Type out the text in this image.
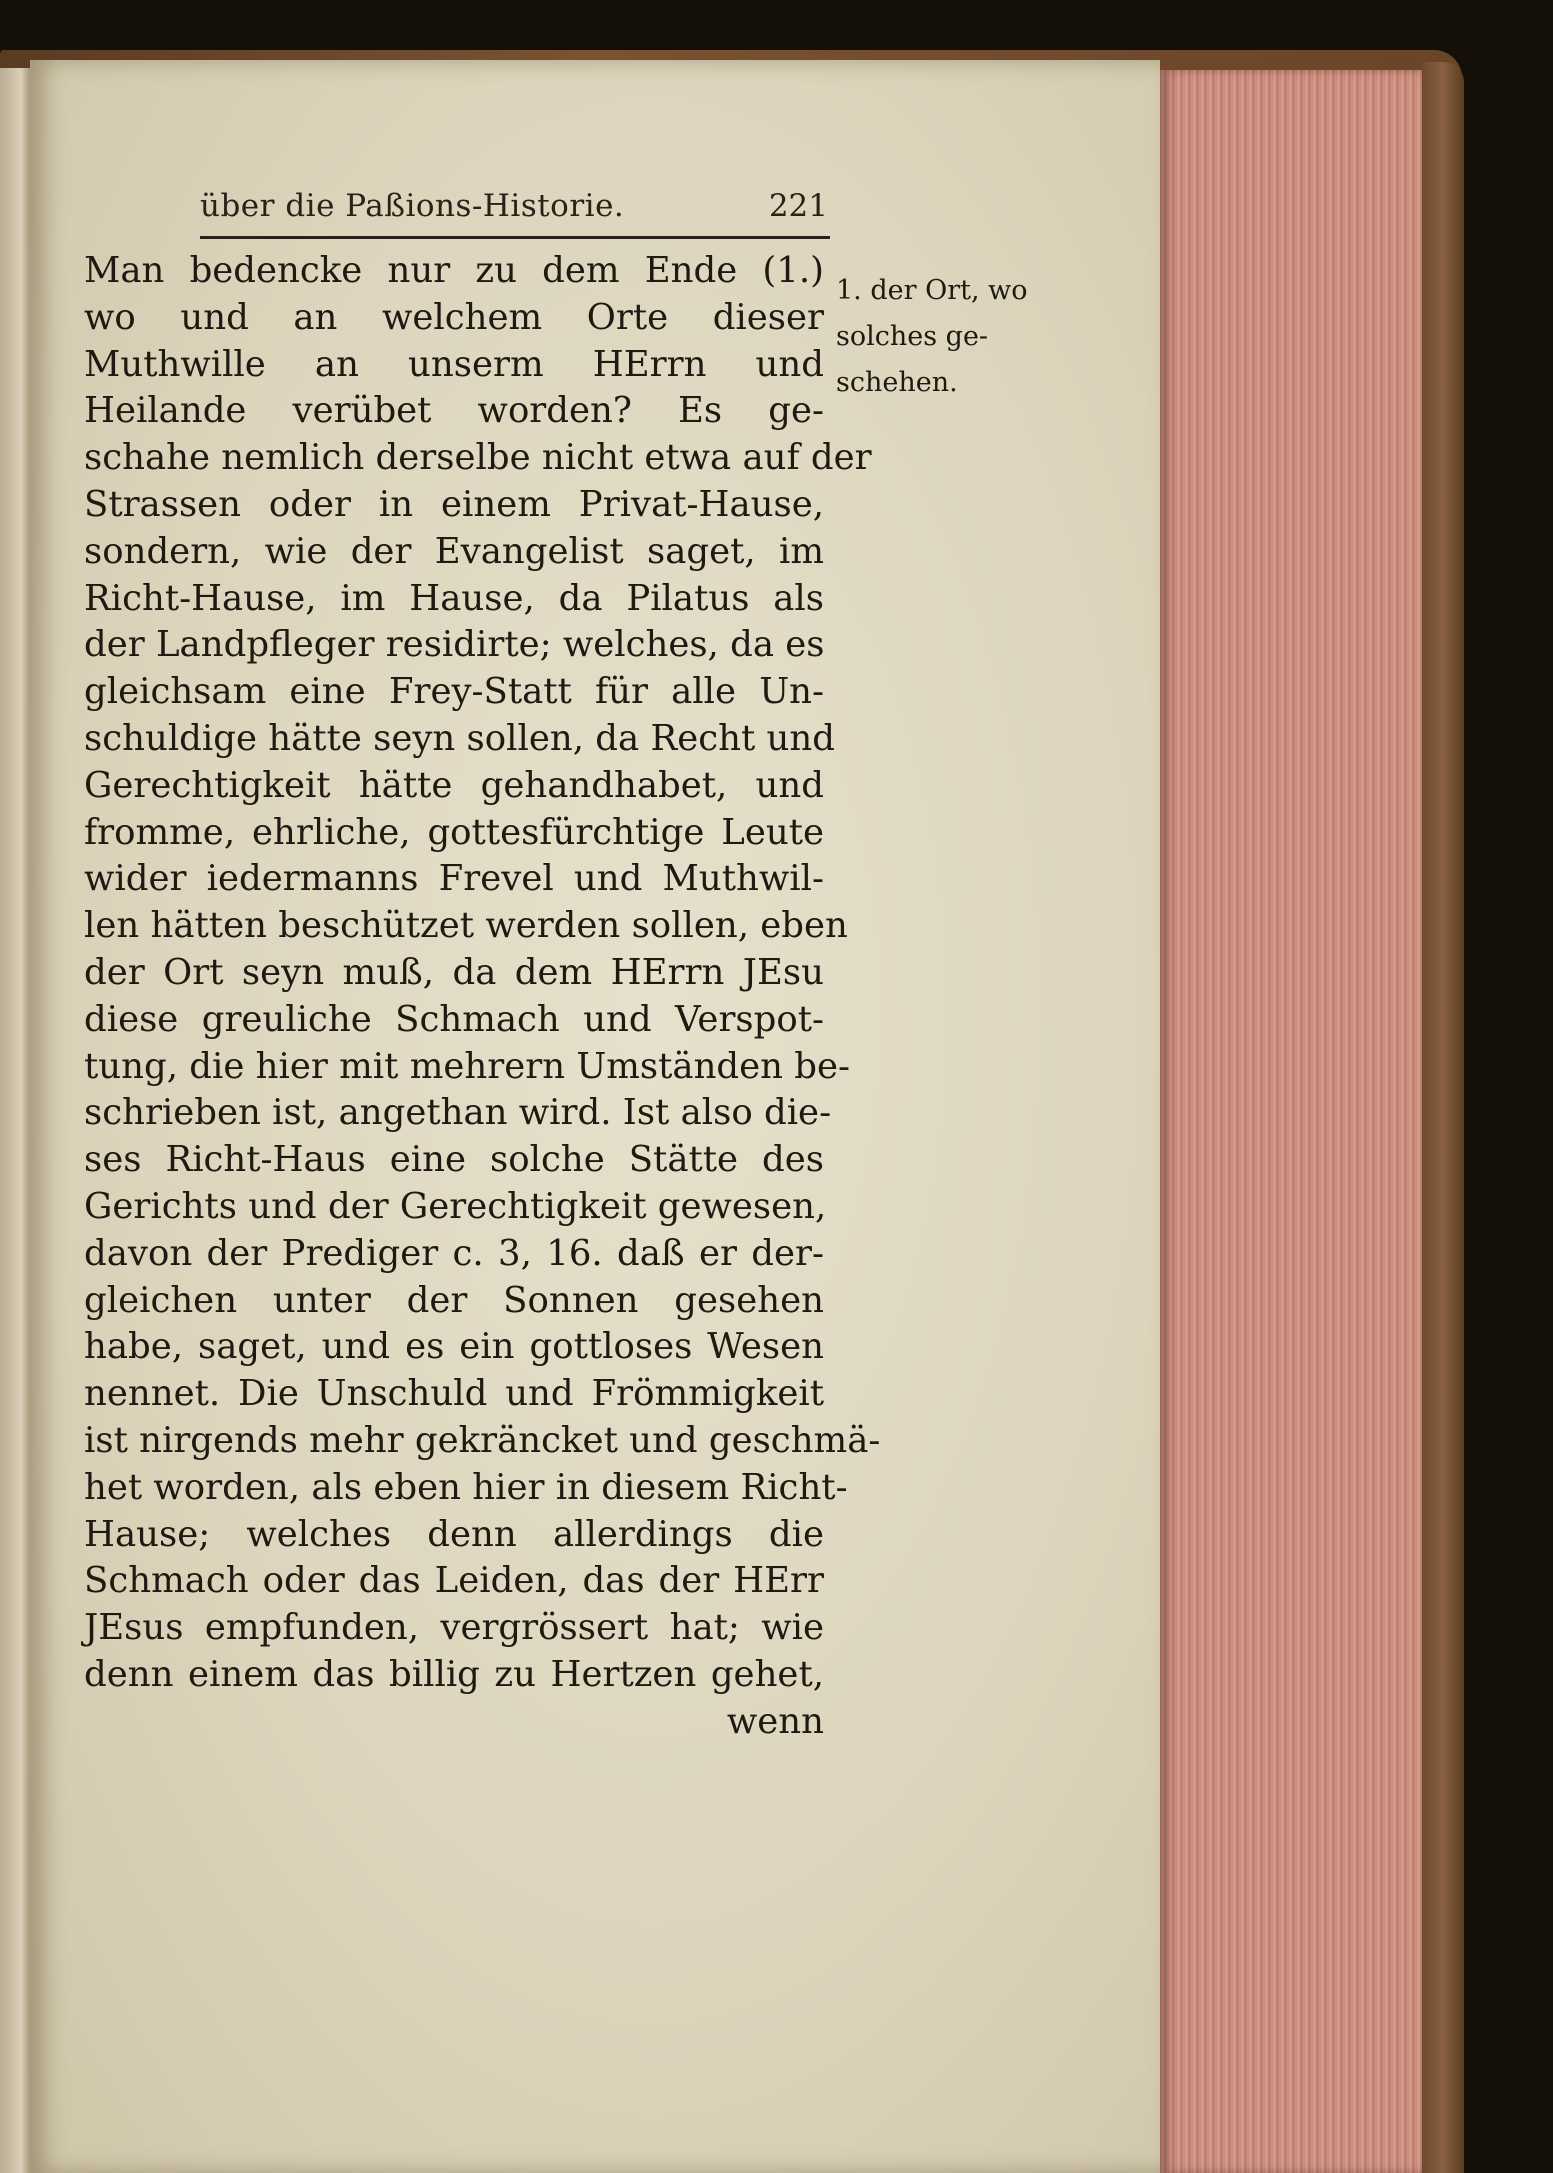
über die Paßions-Historie.	221
Man bedencke nur zu dem Ende (1.)
wo und an welchem Orte dieser
Muthwille an unserm HErrn und
Heilande verübet worden? Es ge-
schahe nemlich derselbe nicht etwa auf der
Strassen oder in einem Privat-Hause,
sondern, wie der Evangelist saget, im
Richt-Hause, im Hause, da Pilatus als
der Landpfleger residirte; welches, da es
gleichsam eine Frey-Statt für alle Un-
schuldige hätte seyn sollen, da Recht und
Gerechtigkeit hätte gehandhabet, und
fromme, ehrliche, gottesfürchtige Leute
wider iedermanns Frevel und Muthwil-
len hätten beschützet werden sollen, eben
der Ort seyn muß, da dem HErrn JEsu
diese greuliche Schmach und Verspot-
tung, die hier mit mehrern Umständen be-
schrieben ist, angethan wird. Ist also die-
ses Richt-Haus eine solche Stätte des
Gerichts und der Gerechtigkeit gewesen,
davon der Prediger c. 3, 16. daß er der-
gleichen unter der Sonnen gesehen
habe, saget, und es ein gottloses Wesen
nennet. Die Unschuld und Frömmigkeit
ist nirgends mehr gekräncket und geschmä-
het worden, als eben hier in diesem Richt-
Hause; welches denn allerdings die
Schmach oder das Leiden, das der HErr
JEsus empfunden, vergrössert hat; wie
denn einem das billig zu Hertzen gehet,
wenn
1. der Ort, wo
solches ge-
schehen.
